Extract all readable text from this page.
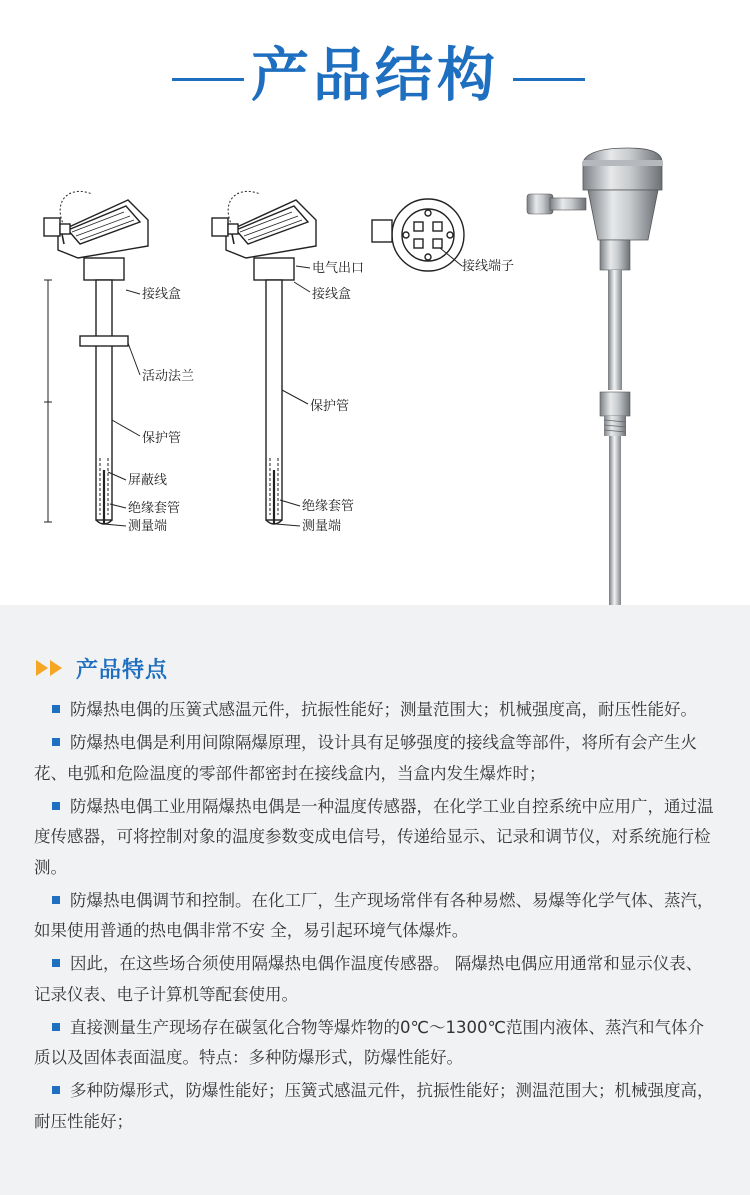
产品结构
接线盒
活动法兰
保护管
屏蔽线
绝缘套管
测量端
电气出口
接线盒
保护管
绝缘套管
测量端
接线端子
产品特点

防爆热电偶的压簧式感温元件，抗振性能好；测量范围大；机械强度高，耐压性能好。

防爆热电偶是利用间隙隔爆原理，设计具有足够强度的接线盒等部件，将所有会产生火花、电弧和危险温度的零部件都密封在接线盒内，当盒内发生爆炸时；

防爆热电偶工业用隔爆热电偶是一种温度传感器，在化学工业自控系统中应用广，通过温度传感器，可将控制对象的温度参数变成电信号，传递给显示、记录和调节仪，对系统施行检测。

防爆热电偶调节和控制。在化工厂，生产现场常伴有各种易燃、易爆等化学气体、蒸汽，如果使用普通的热电偶非常不安 全，易引起环境气体爆炸。

因此，在这些场合须使用隔爆热电偶作温度传感器。 隔爆热电偶应用通常和显示仪表、记录仪表、电子计算机等配套使用。

直接测量生产现场存在碳氢化合物等爆炸物的0℃～1300℃范围内液体、蒸汽和气体介质以及固体表面温度。特点：多种防爆形式，防爆性能好。

多种防爆形式，防爆性能好；压簧式感温元件，抗振性能好；测温范围大；机械强度高，耐压性能好；
